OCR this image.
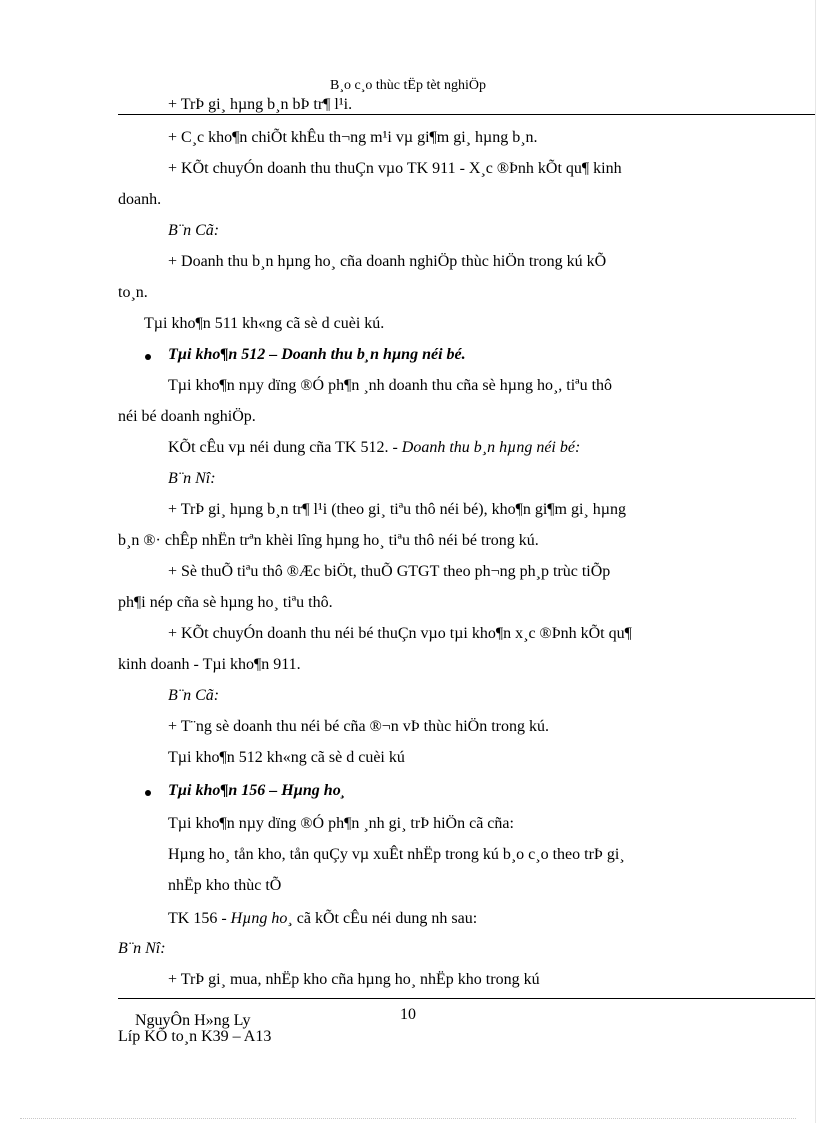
B¸o c¸o thùc tËp tèt nghiÖp
+ TrÞ gi¸ hµng b¸n bÞ tr¶ l¹i.
+ C¸c kho¶n chiÕt khÊu th¬ng m¹i vµ gi¶m gi¸ hµng b¸n.
+ KÕt chuyÓn doanh thu thuÇn vµo TK 911 - X¸c ®Þnh kÕt qu¶ kinh
doanh.
B¨n Cã:
+ Doanh thu b¸n hµng ho¸ cña doanh nghiÖp thùc hiÖn trong kú kÕ
to¸n.
Tµi kho¶n 511 kh«ng cã sè d cuèi kú.
Tµi kho¶n 512 – Doanh thu b¸n hµng néi bé.
Tµi kho¶n nµy dïng ®Ó ph¶n ¸nh doanh thu cña sè hµng ho¸, tiªu thô
néi bé doanh nghiÖp.
KÕt cÊu vµ néi dung cña TK 512. - Doanh thu b¸n hµng néi bé:
B¨n Nî:
+ TrÞ gi¸ hµng b¸n tr¶ l¹i (theo gi¸ tiªu thô néi bé), kho¶n gi¶m gi¸ hµng
b¸n ®· chÊp nhËn trªn khèi lîng hµng ho¸ tiªu thô néi bé trong kú.
+ Sè thuÕ tiªu thô ®Æc biÖt, thuÕ GTGT theo ph¬ng ph¸p trùc tiÕp
ph¶i nép cña sè hµng ho¸ tiªu thô.
+ KÕt chuyÓn doanh thu néi bé thuÇn vµo tµi kho¶n x¸c ®Þnh kÕt qu¶
kinh doanh - Tµi kho¶n 911.
B¨n Cã:
+ T¨ng sè doanh thu néi bé cña ®¬n vÞ thùc hiÖn trong kú.
Tµi kho¶n 512 kh«ng cã sè d cuèi kú
Tµi kho¶n 156 – Hµng ho¸
Tµi kho¶n nµy dïng ®Ó ph¶n ¸nh gi¸ trÞ hiÖn cã cña:
Hµng ho¸ tån kho, tån quÇy vµ xuÊt nhËp trong kú b¸o c¸o theo trÞ gi¸
nhËp kho thùc tÕ
TK 156 - Hµng ho¸ cã kÕt cÊu néi dung nh sau:
B¨n Nî:
+ TrÞ gi¸ mua, nhËp kho cña hµng ho¸ nhËp kho trong kú
10
NguyÔn H»ng Ly
Líp KÕ to¸n K39 – A13
